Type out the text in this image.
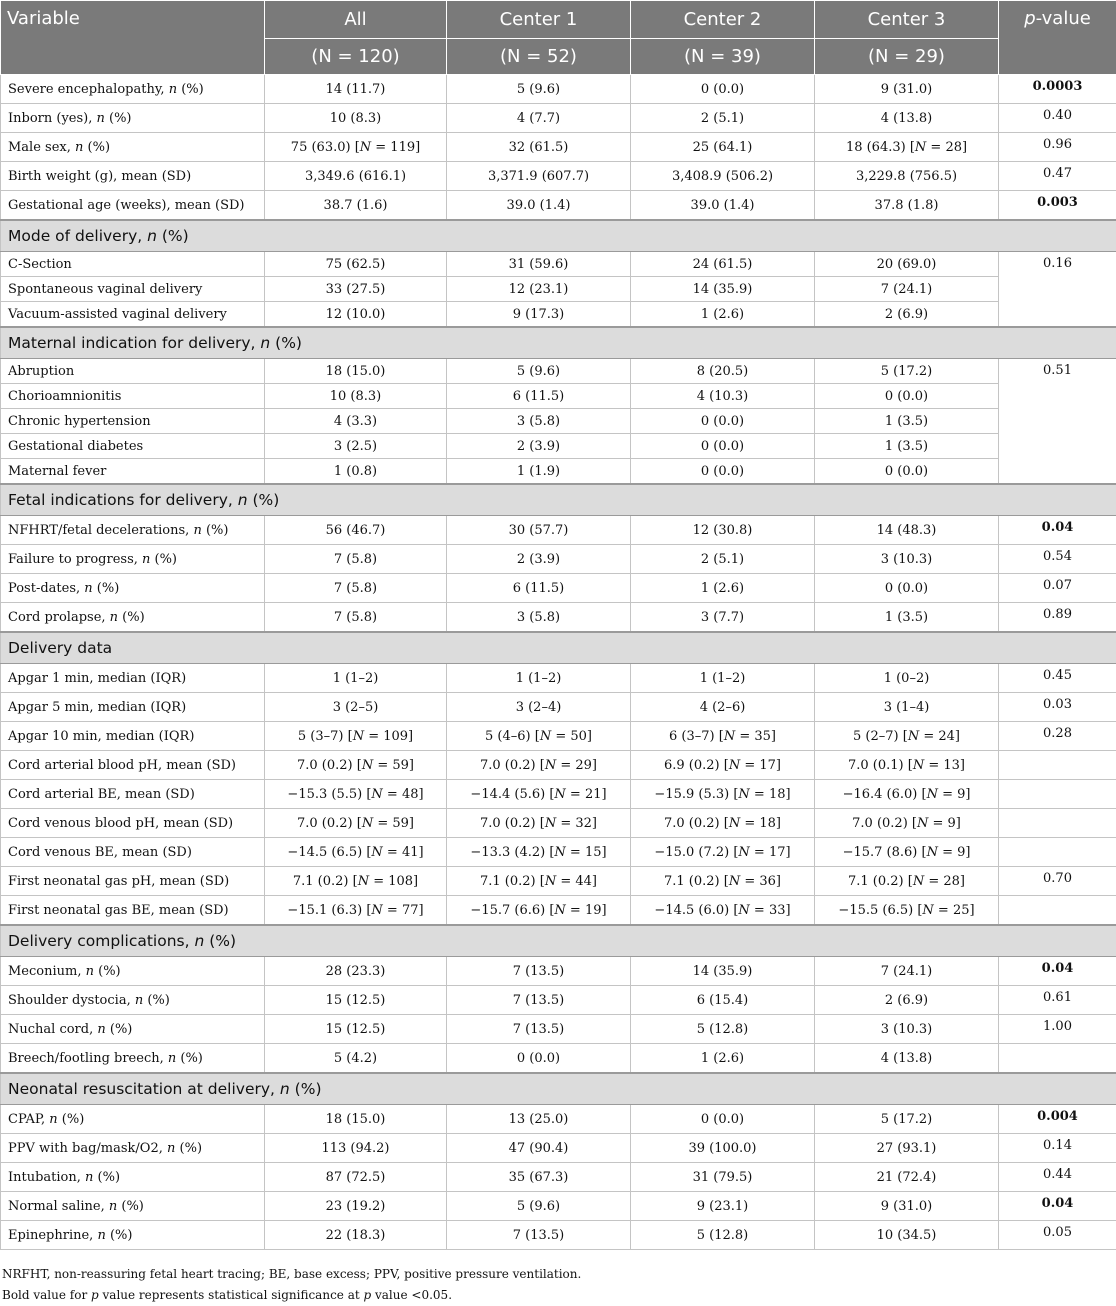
Variable	All	Center 1	Center 2	Center 3	p-value
	(N = 120)	(N = 52)	(N = 39)	(N = 29)	
Severe encephalopathy, n (%)	14 (11.7)	5 (9.6)	0 (0.0)	9 (31.0)	0.0003
Inborn (yes), n (%)	10 (8.3)	4 (7.7)	2 (5.1)	4 (13.8)	0.40
Male sex, n (%)	75 (63.0) [N = 119]	32 (61.5)	25 (64.1)	18 (64.3) [N = 28]	0.96
Birth weight (g), mean (SD)	3,349.6 (616.1)	3,371.9 (607.7)	3,408.9 (506.2)	3,229.8 (756.5)	0.47
Gestational age (weeks), mean (SD)	38.7 (1.6)	39.0 (1.4)	39.0 (1.4)	37.8 (1.8)	0.003
Mode of delivery, n (%)					
C-Section	75 (62.5)	31 (59.6)	24 (61.5)	20 (69.0)	0.16
Spontaneous vaginal delivery	33 (27.5)	12 (23.1)	14 (35.9)	7 (24.1)	
Vacuum-assisted vaginal delivery	12 (10.0)	9 (17.3)	1 (2.6)	2 (6.9)	
Maternal indication for delivery, n (%)					
Abruption	18 (15.0)	5 (9.6)	8 (20.5)	5 (17.2)	0.51
Chorioamnionitis	10 (8.3)	6 (11.5)	4 (10.3)	0 (0.0)	
Chronic hypertension	4 (3.3)	3 (5.8)	0 (0.0)	1 (3.5)	
Gestational diabetes	3 (2.5)	2 (3.9)	0 (0.0)	1 (3.5)	
Maternal fever	1 (0.8)	1 (1.9)	0 (0.0)	0 (0.0)	
Fetal indications for delivery, n (%)					
NFHRT/fetal decelerations, n (%)	56 (46.7)	30 (57.7)	12 (30.8)	14 (48.3)	0.04
Failure to progress, n (%)	7 (5.8)	2 (3.9)	2 (5.1)	3 (10.3)	0.54
Post-dates, n (%)	7 (5.8)	6 (11.5)	1 (2.6)	0 (0.0)	0.07
Cord prolapse, n (%)	7 (5.8)	3 (5.8)	3 (7.7)	1 (3.5)	0.89
Delivery data					
Apgar 1 min, median (IQR)	1 (1–2)	1 (1–2)	1 (1–2)	1 (0–2)	0.45
Apgar 5 min, median (IQR)	3 (2–5)	3 (2–4)	4 (2–6)	3 (1–4)	0.03
Apgar 10 min, median (IQR)	5 (3–7) [N = 109]	5 (4–6) [N = 50]	6 (3–7) [N = 35]	5 (2–7) [N = 24]	0.28
Cord arterial blood pH, mean (SD)	7.0 (0.2) [N = 59]	7.0 (0.2) [N = 29]	6.9 (0.2) [N = 17]	7.0 (0.1) [N = 13]	
Cord arterial BE, mean (SD)	−15.3 (5.5) [N = 48]	−14.4 (5.6) [N = 21]	−15.9 (5.3) [N = 18]	−16.4 (6.0) [N = 9]	
Cord venous blood pH, mean (SD)	7.0 (0.2) [N = 59]	7.0 (0.2) [N = 32]	7.0 (0.2) [N = 18]	7.0 (0.2) [N = 9]	
Cord venous BE, mean (SD)	−14.5 (6.5) [N = 41]	−13.3 (4.2) [N = 15]	−15.0 (7.2) [N = 17]	−15.7 (8.6) [N = 9]	
First neonatal gas pH, mean (SD)	7.1 (0.2) [N = 108]	7.1 (0.2) [N = 44]	7.1 (0.2) [N = 36]	7.1 (0.2) [N = 28]	0.70
First neonatal gas BE, mean (SD)	−15.1 (6.3) [N = 77]	−15.7 (6.6) [N = 19]	−14.5 (6.0) [N = 33]	−15.5 (6.5) [N = 25]	
Delivery complications, n (%)					
Meconium, n (%)	28 (23.3)	7 (13.5)	14 (35.9)	7 (24.1)	0.04
Shoulder dystocia, n (%)	15 (12.5)	7 (13.5)	6 (15.4)	2 (6.9)	0.61
Nuchal cord, n (%)	15 (12.5)	7 (13.5)	5 (12.8)	3 (10.3)	1.00
Breech/footling breech, n (%)	5 (4.2)	0 (0.0)	1 (2.6)	4 (13.8)	
Neonatal resuscitation at delivery, n (%)					
CPAP, n (%)	18 (15.0)	13 (25.0)	0 (0.0)	5 (17.2)	0.004
PPV with bag/mask/O2, n (%)	113 (94.2)	47 (90.4)	39 (100.0)	27 (93.1)	0.14
Intubation, n (%)	87 (72.5)	35 (67.3)	31 (79.5)	21 (72.4)	0.44
Normal saline, n (%)	23 (19.2)	5 (9.6)	9 (23.1)	9 (31.0)	0.04
Epinephrine, n (%)	22 (18.3)	7 (13.5)	5 (12.8)	10 (34.5)	0.05
NRFHT, non-reassuring fetal heart tracing; BE, base excess; PPV, positive pressure ventilation.
Bold value for p value represents statistical significance at p value <0.05.
